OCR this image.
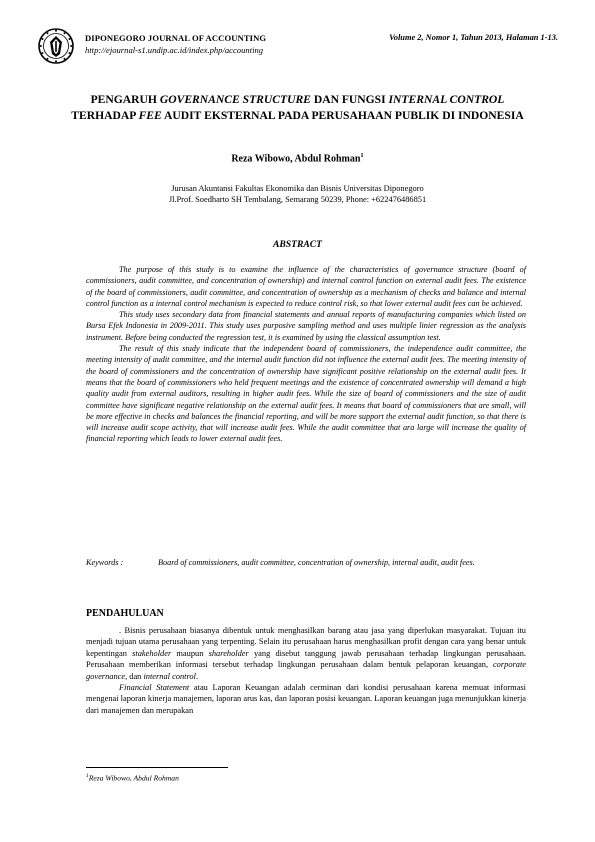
DIPONEGORO JOURNAL OF ACCOUNTING
http://ejournal-s1.undip.ac.id/index.php/accounting
Volume 2, Nomor 1, Tahun 2013, Halaman 1-13.
PENGARUH GOVERNANCE STRUCTURE DAN FUNGSI INTERNAL CONTROL TERHADAP FEE AUDIT EKSTERNAL PADA PERUSAHAAN PUBLIK DI INDONESIA
Reza Wibowo, Abdul Rohman$^1$
Jurusan Akuntansi Fakultas Ekonomika dan Bisnis Universitas Diponegoro
Jl.Prof. Soedharto SH Tembalang, Semarang 50239, Phone: +622476486851
ABSTRACT

The purpose of this study is to examine the influence of the characteristics of governance structure (board of commissioners, audit committee, and concentration of ownership) and internal control function on external audit fees. The existence of the board of commissioners, audit committee, and concentration of ownership as a mechanism of checks and balance and internal control function as a internal control mechanism is expected to reduce control risk, so that lower external audit fees can be achieved.

This study uses secondary data from financial statements and annual reports of manufacturing companies which listed on Bursa Efek Indonesia in 2009-2011. This study uses purposive sampling method and uses multiple linier regression as the analysis instrument. Before being conducted the regression test, it is examined by using the classical assumption test.

The result of this study indicate that the independent board of commissioners, the independence audit committee, the meeting intensity of audit committee, and the internal audit function did not influence the external audit fees. The meeting intensity of the board of commissioners and the concentration of ownership have significant positive relationship on the external audit fees. It means that the board of commissioners who held frequent meetings and the existence of concentrated ownership will demand a high quality audit from external auditors, resulting in higher audit fees. While the size of board of commissioners and the size of audit committee have significant negative relationship on the external audit fees. It means that board of commissioners that are small, will be more effective in checks and balances the financial reporting, and will be more support the external audit function, so that there is will increase audit scope activity, that will increase audit fees. While the audit committee that ara large will increase the quality of financial reporting which leads to lower external audit fees.

Keywords :	Board of commissioners, audit committee, concentration of ownership, internal audit, audit fees.
PENDAHULUAN

. Bisnis perusahaan biasanya dibentuk untuk menghasilkan barang atau jasa yang diperlukan masyarakat. Tujuan itu menjadi tujuan utama perusahaan yang terpenting. Selain itu perusahaan harus menghasilkan profit dengan cara yang benar untuk kepentingan stakeholder maupun shareholder yang disebut tanggung jawab perusahaan terhadap lingkungan perusahaan. Perusahaan memberikan informasi tersebut terhadap lingkungan perusahaan dalam bentuk pelaporan keuangan, corporate governance, dan internal control.

Financial Statement atau Laporan Keuangan adalah cerminan dari kondisi perusahaan karena memuat informasi mengenai laporan kinerja manajemen, laporan arus kas, dan laporan posisi keuangan. Laporan keuangan juga menunjukkan kinerja dari manajemen dan merupakan

$^1$Reza Wibowo, Abdul Rohman
